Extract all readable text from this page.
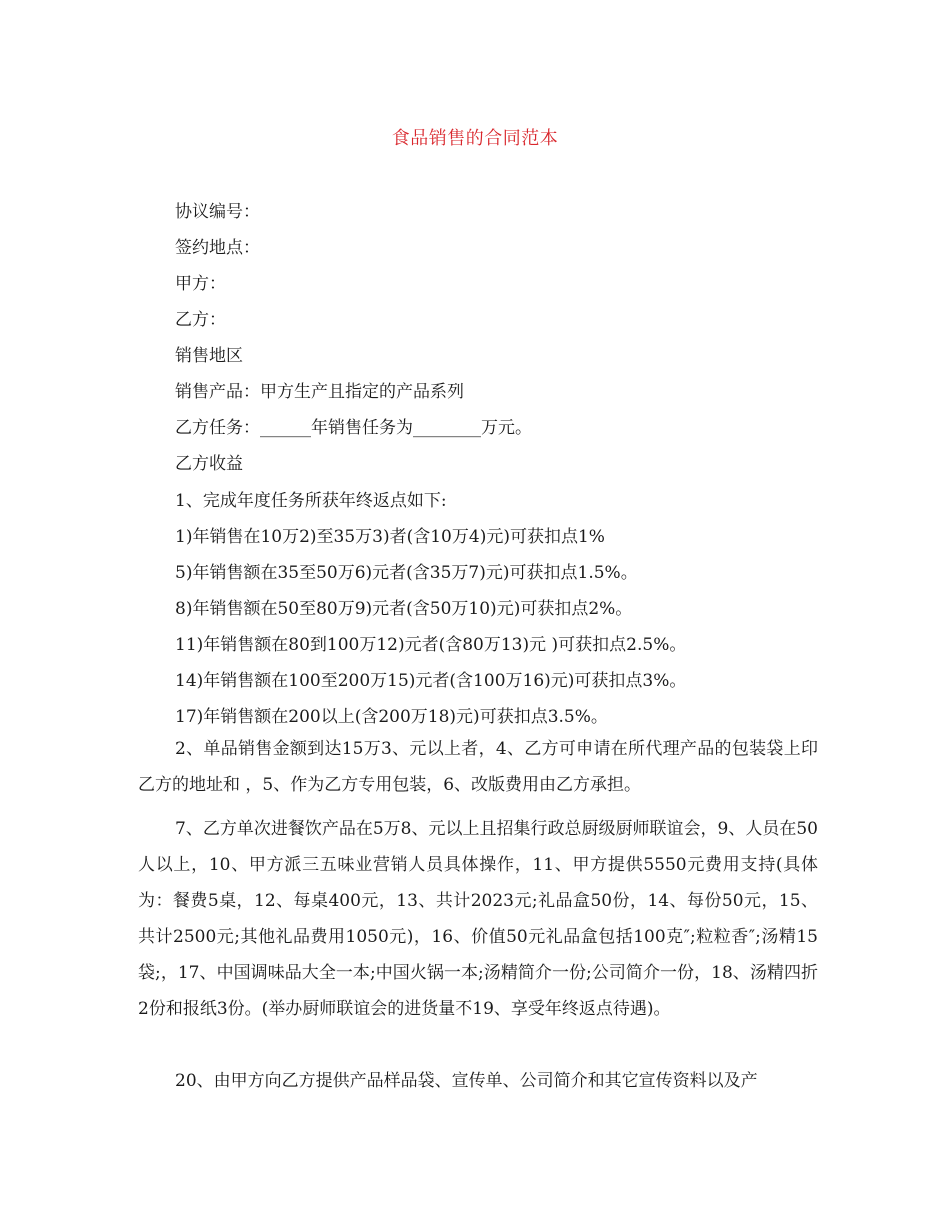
食品销售的合同范本
协议编号：
签约地点：
甲方：
乙方：
销售地区
销售产品：甲方生产且指定的产品系列
乙方任务：______年销售任务为________万元。
乙方收益
1、完成年度任务所获年终返点如下:
1)年销售在10万2)至35万3)者(含10万4)元)可获扣点1%
5)年销售额在35至50万6)元者(含35万7)元)可获扣点1.5%。
8)年销售额在50至80万9)元者(含50万10)元)可获扣点2%。
11)年销售额在80到100万12)元者(含80万13)元 )可获扣点2.5%。
14)年销售额在100至200万15)元者(含100万16)元)可获扣点3%。
17)年销售额在200以上(含200万18)元)可获扣点3.5%。
2、单品销售金额到达15万3、元以上者，4、乙方可申请在所代理产品的包装袋上印乙方的地址和 ，5、作为乙方专用包装，6、改版费用由乙方承担。
7、乙方单次进餐饮产品在5万8、元以上且招集行政总厨级厨师联谊会，9、人员在50人以上，10、甲方派三五味业营销人员具体操作，11、甲方提供5550元费用支持(具体为：餐费5桌，12、每桌400元，13、共计2023元;礼品盒50份，14、每份50元，15、共计2500元;其他礼品费用1050元)，16、价值50元礼品盒包括100克″;粒粒香″;汤精15袋;，17、中国调味品大全一本;中国火锅一本;汤精简介一份;公司简介一份，18、汤精四折2份和报纸3份。(举办厨师联谊会的进货量不19、享受年终返点待遇)。
20、由甲方向乙方提供产品样品袋、宣传单、公司简介和其它宣传资料以及产
